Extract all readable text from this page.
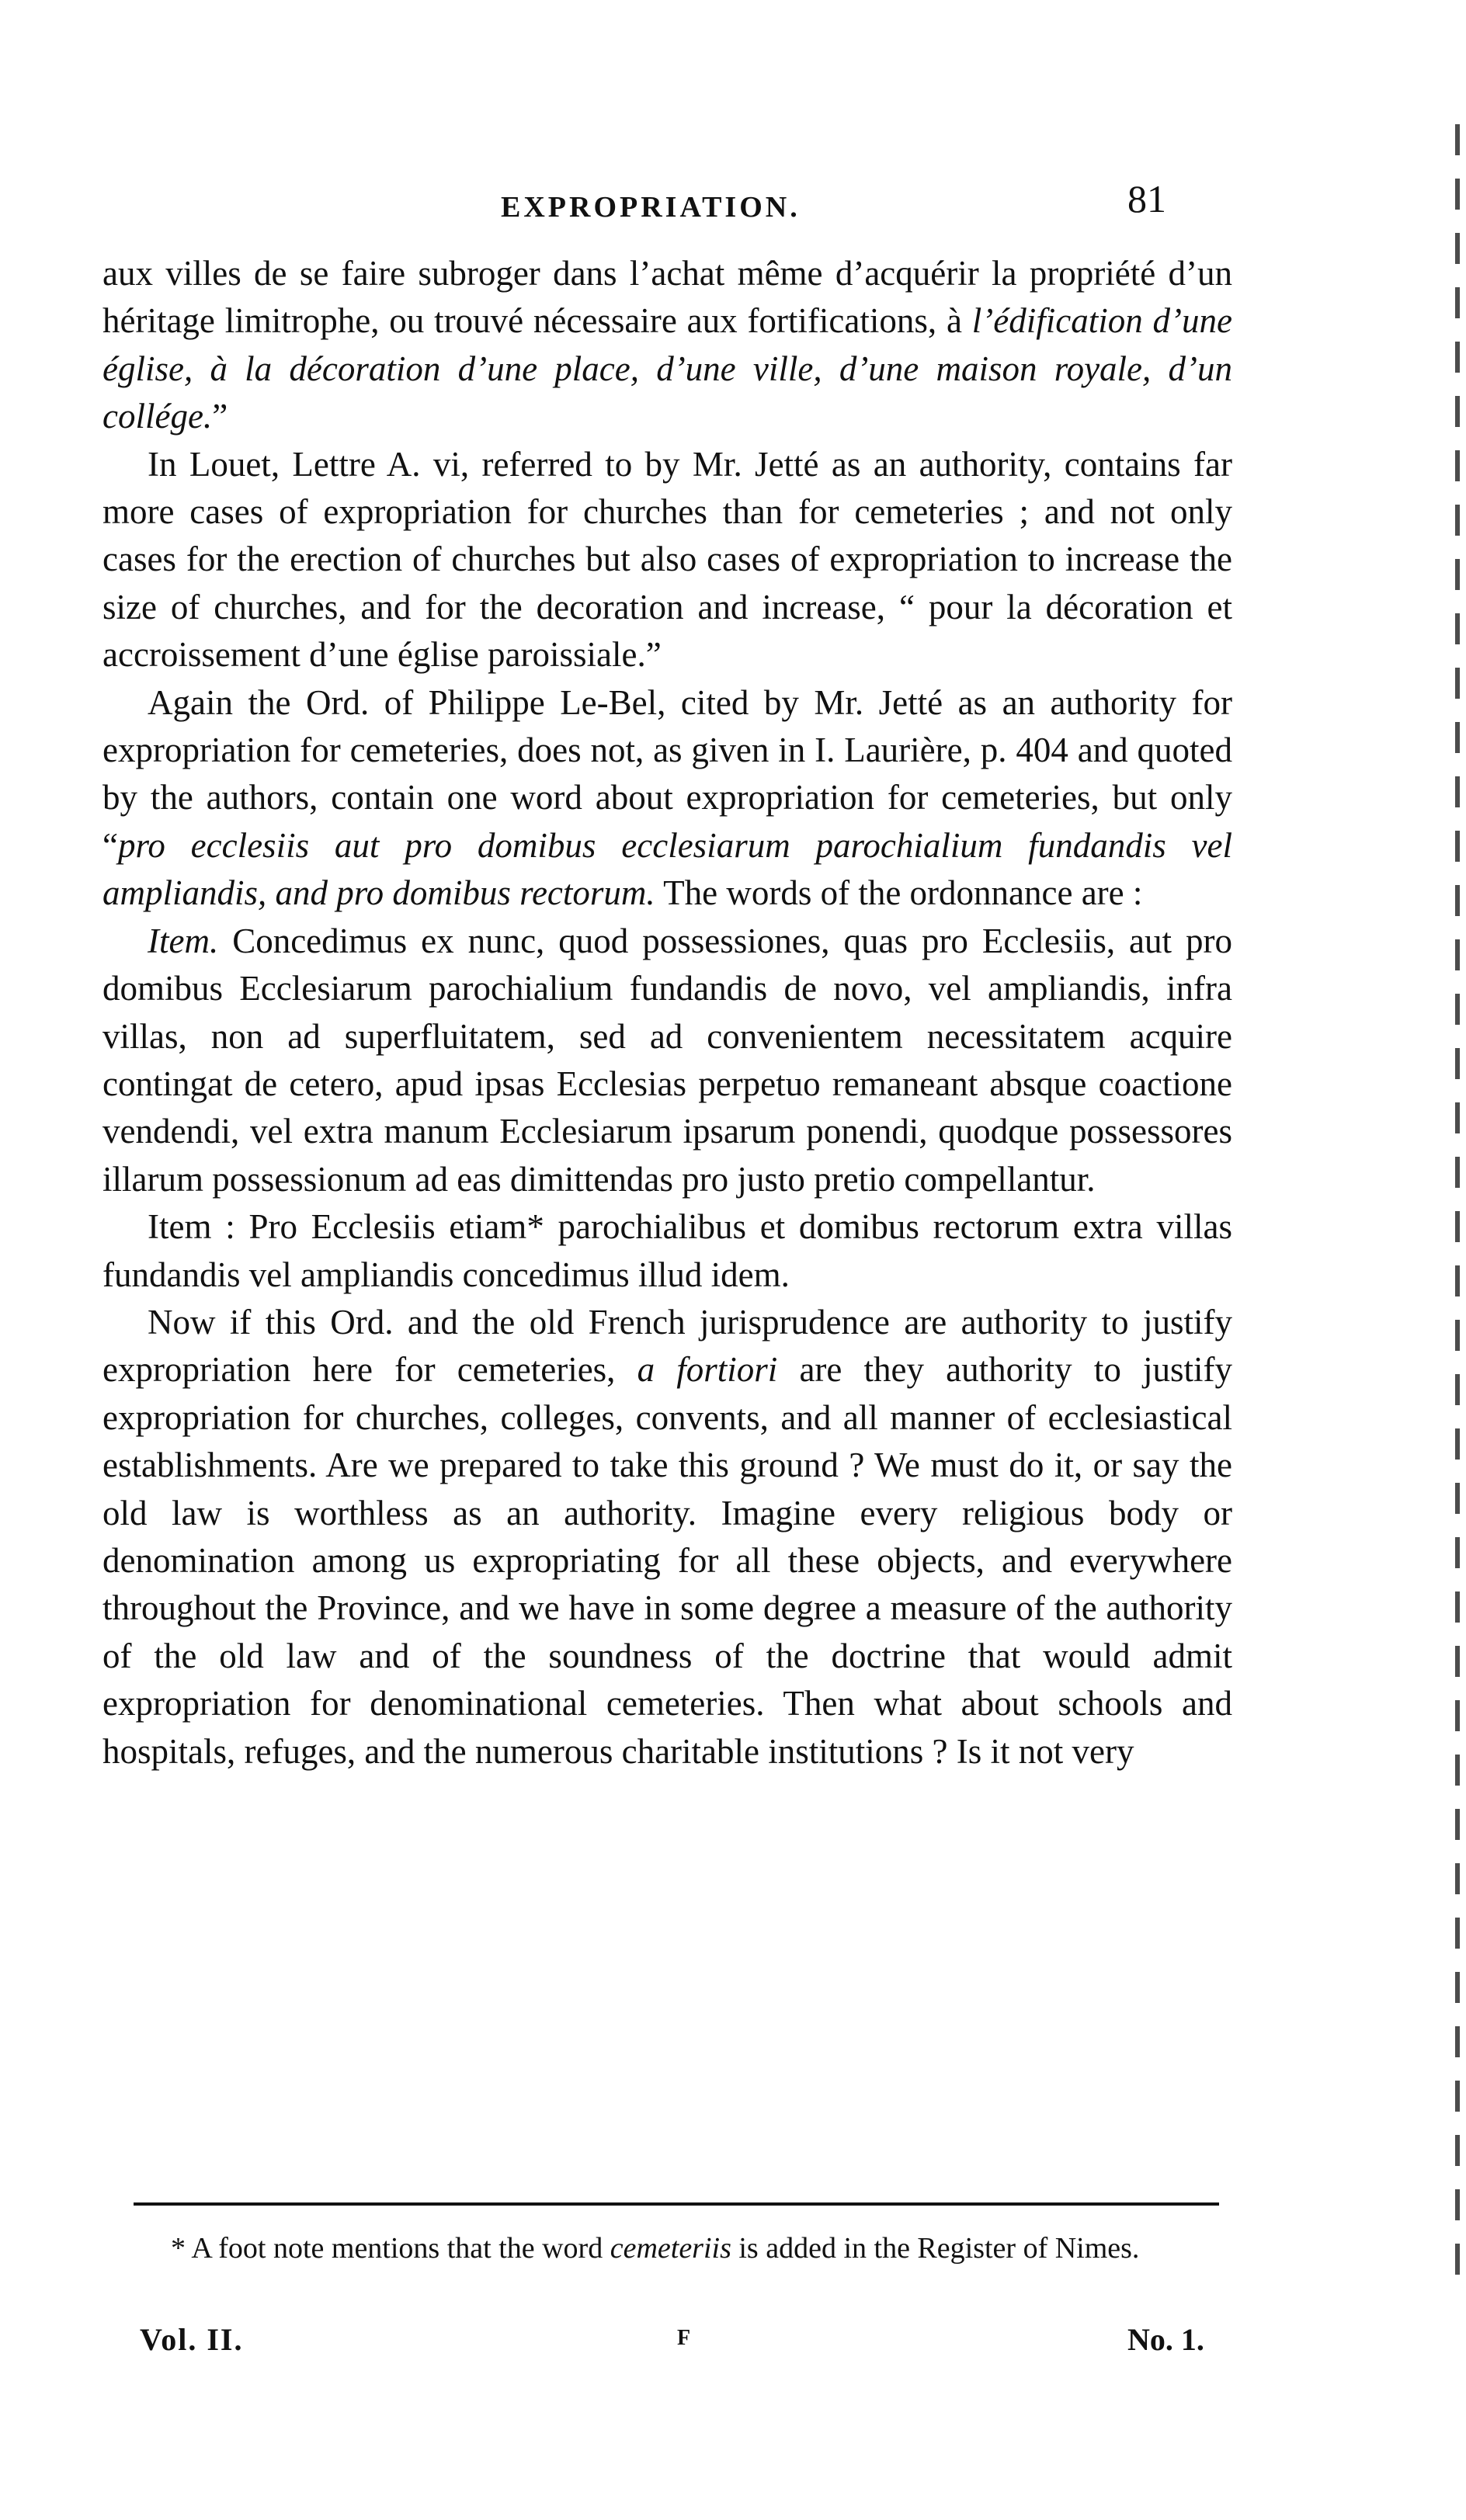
EXPROPRIATION.	81

aux villes de se faire subroger dans l’achat même d’acquérir la propriété d’un héritage limitrophe, ou trouvé nécessaire aux fortifications, à l’édification d’une église, à la décoration d’une place, d’une ville, d’une maison royale, d’un collége.”

In Louet, Lettre A. vi, referred to by Mr. Jetté as an authority, contains far more cases of expropriation for churches than for cemeteries ; and not only cases for the erection of churches but also cases of expropriation to increase the size of churches, and for the decoration and increase, “ pour la décoration et accroissement d’une église paroissiale.”

Again the Ord. of Philippe Le-Bel, cited by Mr. Jetté as an authority for expropriation for cemeteries, does not, as given in I. Laurière, p. 404 and quoted by the authors, contain one word about expropriation for cemeteries, but only “pro ecclesiis aut pro domibus ecclesiarum parochialium fundandis vel ampliandis, and pro domibus rectorum. The words of the ordonnance are :

Item. Concedimus ex nunc, quod possessiones, quas pro Ecclesiis, aut pro domibus Ecclesiarum parochialium fundandis de novo, vel ampliandis, infra villas, non ad superfluitatem, sed ad convenientem necessitatem acquire contingat de cetero, apud ipsas Ecclesias perpetuo remaneant absque coactione vendendi, vel extra manum Ecclesiarum ipsarum ponendi, quodque possessores illarum possessionum ad eas dimittendas pro justo pretio compellantur.

Item : Pro Ecclesiis etiam* parochialibus et domibus rectorum extra villas fundandis vel ampliandis concedimus illud idem.

Now if this Ord. and the old French jurisprudence are authority to justify expropriation here for cemeteries, a fortiori are they authority to justify expropriation for churches, colleges, convents, and all manner of ecclesiastical establishments. Are we prepared to take this ground ? We must do it, or say the old law is worthless as an authority. Imagine every religious body or denomination among us expropriating for all these objects, and everywhere throughout the Province, and we have in some degree a measure of the authority of the old law and of the soundness of the doctrine that would admit expropriation for denominational cemeteries. Then what about schools and hospitals, refuges, and the numerous charitable institutions ? Is it not very

* A foot note mentions that the word cemeteriis is added in the Register of Nimes.
Vol. II.	F	No. 1.
